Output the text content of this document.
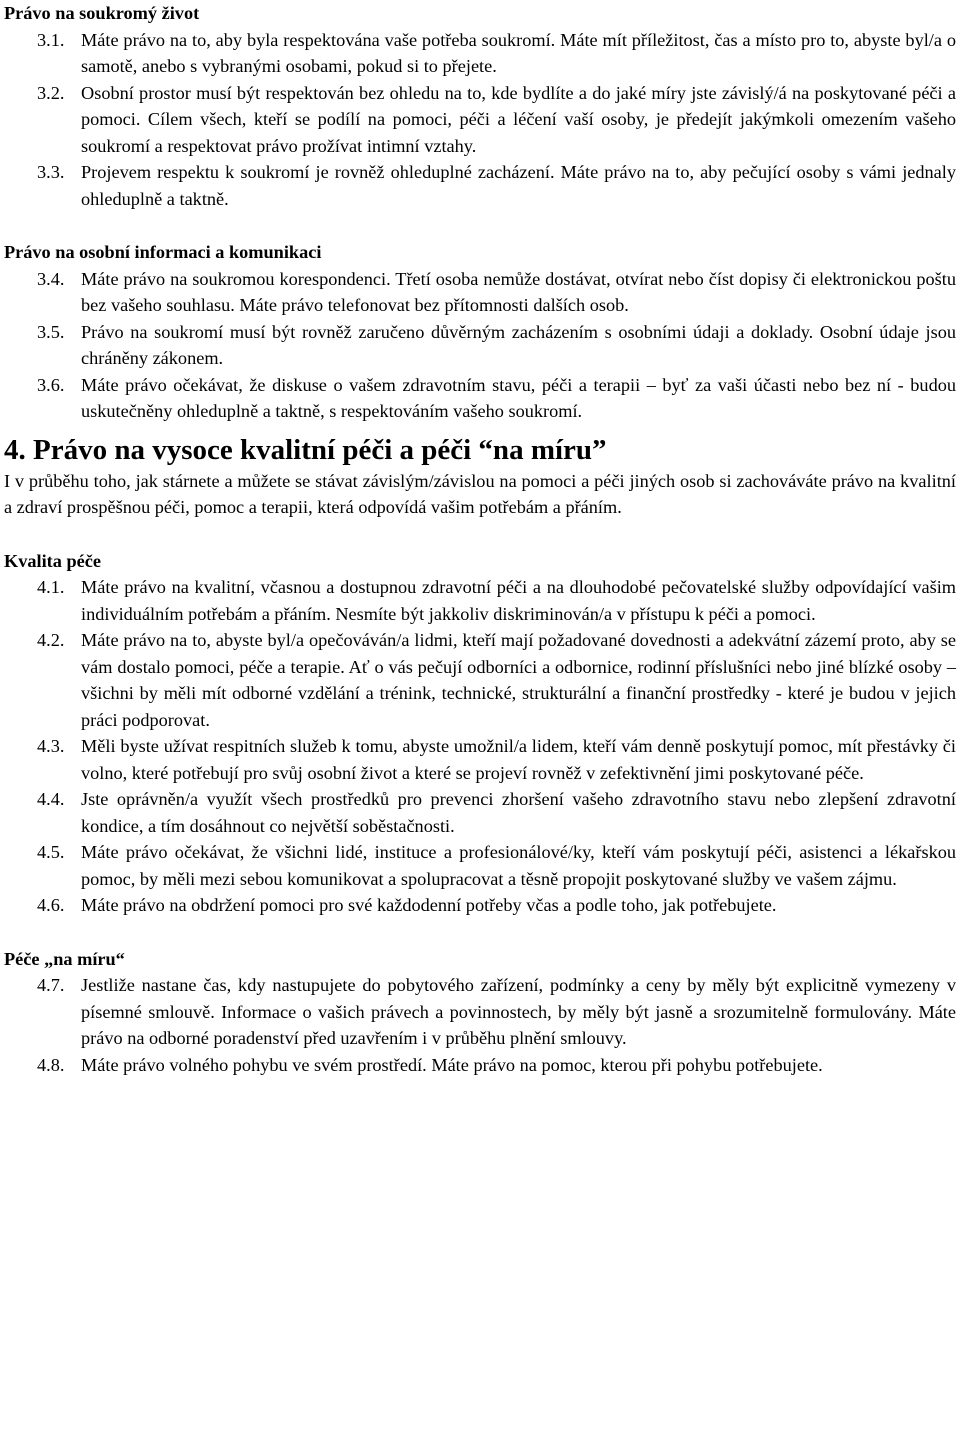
Právo na soukromý život

3.1. Máte právo na to, aby byla respektována vaše potřeba soukromí. Máte mít příležitost, čas a místo pro to, abyste byl/a o samotě, anebo s vybranými osobami, pokud si to přejete.
3.2. Osobní prostor musí být respektován bez ohledu na to, kde bydlíte a do jaké míry jste závislý/á na poskytované péči a pomoci. Cílem všech, kteří se podílí na pomoci, péči a léčení vaší osoby, je předejít jakýmkoli omezením vašeho soukromí a respektovat právo prožívat intimní vztahy.
3.3. Projevem respektu k soukromí je rovněž ohleduplné zacházení. Máte právo na to, aby pečující osoby s vámi jednaly ohleduplně a taktně.

Právo na osobní informaci a komunikaci

3.4. Máte právo na soukromou korespondenci. Třetí osoba nemůže dostávat, otvírat nebo číst dopisy či elektronickou poštu bez vašeho souhlasu. Máte právo telefonovat bez přítomnosti dalších osob.
3.5. Právo na soukromí musí být rovněž zaručeno důvěrným zacházením s osobními údaji a doklady. Osobní údaje jsou chráněny zákonem.
3.6. Máte právo očekávat, že diskuse o vašem zdravotním stavu, péči a terapii – byť za vaši účasti nebo bez ní - budou uskutečněny ohleduplně a taktně, s respektováním vašeho soukromí.

4. Právo na vysoce kvalitní péči a péči “na míru”

I v průběhu toho, jak stárnete a můžete se stávat závislým/závislou na pomoci a péči jiných osob si zachováváte právo na kvalitní a zdraví prospěšnou péči, pomoc a terapii, která odpovídá vašim potřebám a přáním.

Kvalita péče

4.1. Máte právo na kvalitní, včasnou a dostupnou zdravotní péči a na dlouhodobé pečovatelské služby odpovídající vašim individuálním potřebám a přáním. Nesmíte být jakkoliv diskriminován/a v přístupu k péči a pomoci.
4.2. Máte právo na to, abyste byl/a opečováván/a lidmi, kteří mají požadované dovednosti a adekvátní zázemí proto, aby se vám dostalo pomoci, péče a terapie. Ať o vás pečují odborníci a odbornice, rodinní příslušníci nebo jiné blízké osoby – všichni by měli mít odborné vzdělání a trénink, technické, strukturální a finanční prostředky - které je budou v jejich práci podporovat.
4.3. Měli byste užívat respitních služeb k tomu, abyste umožnil/a lidem, kteří vám denně poskytují pomoc, mít přestávky či volno, které potřebují pro svůj osobní život a které se projeví rovněž v zefektivnění jimi poskytované péče.
4.4. Jste oprávněn/a využít všech prostředků pro prevenci zhoršení vašeho zdravotního stavu nebo zlepšení zdravotní kondice, a tím dosáhnout co největší soběstačnosti.
4.5. Máte právo očekávat, že všichni lidé, instituce a profesionálové/ky, kteří vám poskytují péči, asistenci a lékařskou pomoc, by měli mezi sebou komunikovat a spolupracovat a těsně propojit poskytované služby ve vašem zájmu.
4.6. Máte právo na obdržení pomoci pro své každodenní potřeby včas a podle toho, jak potřebujete.

Péče „na míru“

4.7. Jestliže nastane čas, kdy nastupujete do pobytového zařízení, podmínky a ceny by měly být explicitně vymezeny v písemné smlouvě. Informace o vašich právech a povinnostech, by měly být jasně a srozumitelně formulovány. Máte právo na odborné poradenství před uzavřením i v průběhu plnění smlouvy.
4.8. Máte právo volného pohybu ve svém prostředí. Máte právo na pomoc, kterou při pohybu potřebujete.
